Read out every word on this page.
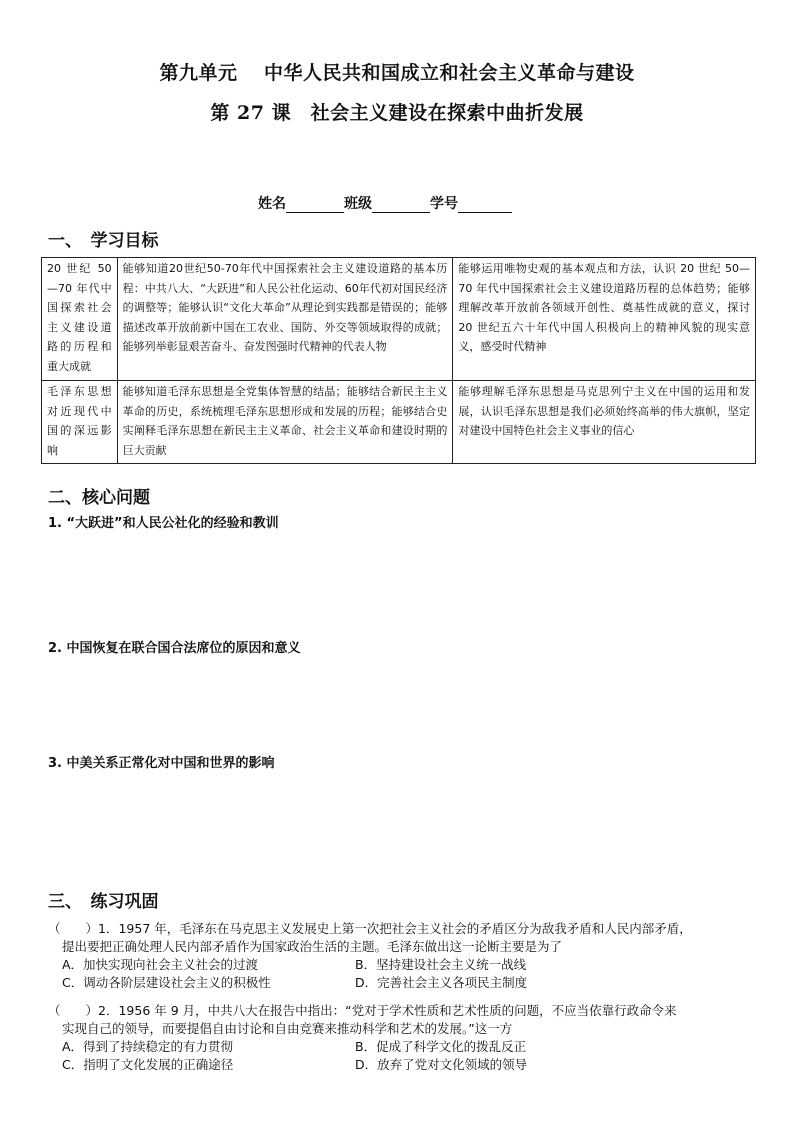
第九单元　 中华人民共和国成立和社会主义革命与建设
第 27 课　社会主义建设在探索中曲折发展
姓名	班级	学号
一、　学习目标
20 世纪 50—70 年代中国探索社会主义建设道路的历程和重大成就	能够知道20世纪50-70年代中国探索社会主义建设道路的基本历程：中共八大、“大跃进”和人民公社化运动、60年代初对国民经济的调整等；能够认识“文化大革命”从理论到实践都是错误的；能够描述改革开放前新中国在工农业、国防、外交等领域取得的成就；能够列举彰显艰苦奋斗、奋发图强时代精神的代表人物	能够运用唯物史观的基本观点和方法，认识 20 世纪 50—70 年代中国探索社会主义建设道路历程的总体趋势；能够理解改革开放前各领域开创性、奠基性成就的意义，探讨 20 世纪五六十年代中国人积极向上的精神风貌的现实意义，感受时代精神
毛泽东思想对近现代中国的深远影响	能够知道毛泽东思想是全党集体智慧的结晶；能够结合新民主主义革命的历史，系统梳理毛泽东思想形成和发展的历程；能够结合史实阐释毛泽东思想在新民主主义革命、社会主义革命和建设时期的巨大贡献	能够理解毛泽东思想是马克思列宁主义在中国的运用和发展，认识毛泽东思想是我们必须始终高举的伟大旗帜，坚定对建设中国特色社会主义事业的信心
二、核心问题
1. “大跃进”和人民公社化的经验和教训
2. 中国恢复在联合国合法席位的原因和意义
3. 中美关系正常化对中国和世界的影响
三、　练习巩固
（　　）1．1957 年，毛泽东在马克思主义发展史上第一次把社会主义社会的矛盾区分为敌我矛盾和人民内部矛盾，
提出要把正确处理人民内部矛盾作为国家政治生活的主题。毛泽东做出这一论断主要是为了
A．加快实现向社会主义社会的过渡	B．坚持建设社会主义统一战线
C．调动各阶层建设社会主义的积极性	D．完善社会主义各项民主制度
（　　）2．1956 年 9 月，中共八大在报告中指出：“党对于学术性质和艺术性质的问题，不应当依靠行政命令来
实现自己的领导，而要提倡自由讨论和自由竞赛来推动科学和艺术的发展。”这一方
A．得到了持续稳定的有力贯彻	B．促成了科学文化的拨乱反正
C．指明了文化发展的正确途径	D．放弃了党对文化领域的领导
